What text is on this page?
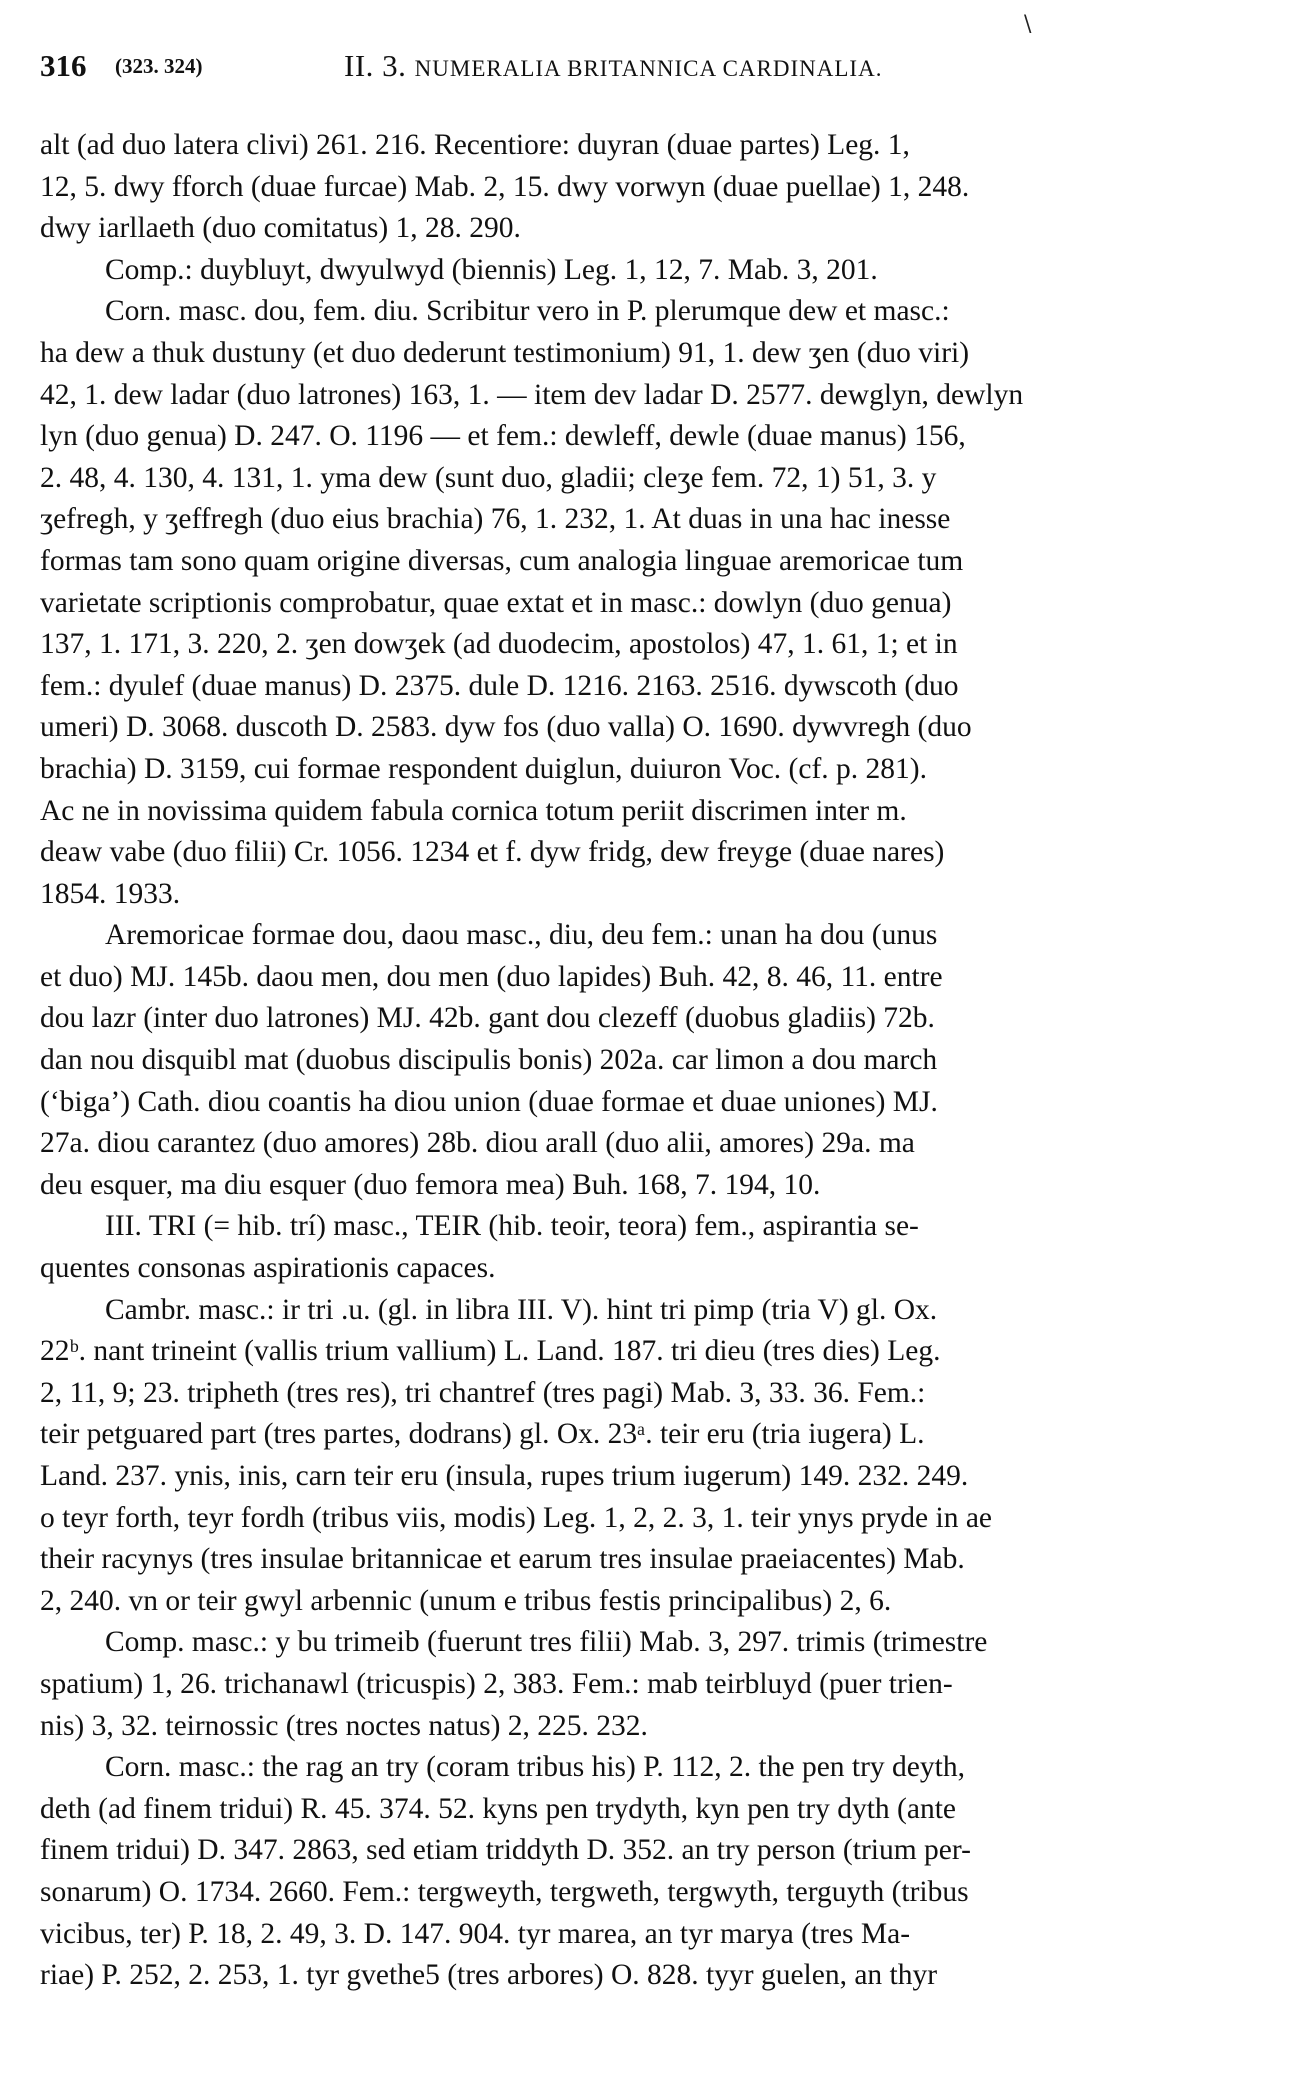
\
316 (323. 324)	II. 3. NUMERALIA BRITANNICA CARDINALIA.
alt (ad duo latera clivi) 261. 216. Recentiore: duyran (duae partes) Leg. 1,
12, 5. dwy fforch (duae furcae) Mab. 2, 15. dwy vorwyn (duae puellae) 1, 248.
dwy iarllaeth (duo comitatus) 1, 28. 290.
Comp.: duybluyt, dwyulwyd (biennis) Leg. 1, 12, 7. Mab. 3, 201.
Corn. masc. dou, fem. diu. Scribitur vero in P. plerumque dew et masc.:
ha dew a thuk dustuny (et duo dederunt testimonium) 91, 1. dew ʒen (duo viri)
42, 1. dew ladar (duo latrones) 163, 1. — item dev ladar D. 2577. dewglyn, dewlyn
lyn (duo genua) D. 247. O. 1196 — et fem.: dewleff, dewle (duae manus) 156,
2. 48, 4. 130, 4. 131, 1. yma dew (sunt duo, gladii; cleʒe fem. 72, 1) 51, 3. y
ʒefregh, y ʒeffregh (duo eius brachia) 76, 1. 232, 1. At duas in una hac inesse
formas tam sono quam origine diversas, cum analogia linguae aremoricae tum
varietate scriptionis comprobatur, quae extat et in masc.: dowlyn (duo genua)
137, 1. 171, 3. 220, 2. ʒen dowʒek (ad duodecim, apostolos) 47, 1. 61, 1; et in
fem.: dyulef (duae manus) D. 2375. dule D. 1216. 2163. 2516. dywscoth (duo
umeri) D. 3068. duscoth D. 2583. dyw fos (duo valla) O. 1690. dywvregh (duo
brachia) D. 3159, cui formae respondent duiglun, duiuron Voc. (cf. p. 281).
Ac ne in novissima quidem fabula cornica totum periit discrimen inter m.
deaw vabe (duo filii) Cr. 1056. 1234 et f. dyw fridg, dew freyge (duae nares)
1854. 1933.
Aremoricae formae dou, daou masc., diu, deu fem.: unan ha dou (unus
et duo) MJ. 145b. daou men, dou men (duo lapides) Buh. 42, 8. 46, 11. entre
dou lazr (inter duo latrones) MJ. 42b. gant dou clezeff (duobus gladiis) 72b.
dan nou disquibl mat (duobus discipulis bonis) 202a. car limon a dou march
(‘biga’) Cath. diou coantis ha diou union (duae formae et duae uniones) MJ.
27a. diou carantez (duo amores) 28b. diou arall (duo alii, amores) 29a. ma
deu esquer, ma diu esquer (duo femora mea) Buh. 168, 7. 194, 10.
III. TRI (= hib. trí) masc., TEIR (hib. teoir, teora) fem., aspirantia se-
quentes consonas aspirationis capaces.
Cambr. masc.: ir tri .u. (gl. in libra III. V). hint tri pimp (tria V) gl. Ox.
22ᵇ. nant trineint (vallis trium vallium) L. Land. 187. tri dieu (tres dies) Leg.
2, 11, 9; 23. tripheth (tres res), tri chantref (tres pagi) Mab. 3, 33. 36. Fem.:
teir petguared part (tres partes, dodrans) gl. Ox. 23ᵃ. teir eru (tria iugera) L.
Land. 237. ynis, inis, carn teir eru (insula, rupes trium iugerum) 149. 232. 249.
o teyr forth, teyr fordh (tribus viis, modis) Leg. 1, 2, 2. 3, 1. teir ynys pryde in ae
their racynys (tres insulae britannicae et earum tres insulae praeiacentes) Mab.
2, 240. vn or teir gwyl arbennic (unum e tribus festis principalibus) 2, 6.
Comp. masc.: y bu trimeib (fuerunt tres filii) Mab. 3, 297. trimis (trimestre
spatium) 1, 26. trichanawl (tricuspis) 2, 383. Fem.: mab teirbluyd (puer trien-
nis) 3, 32. teirnossic (tres noctes natus) 2, 225. 232.
Corn. masc.: the rag an try (coram tribus his) P. 112, 2. the pen try deyth,
deth (ad finem tridui) R. 45. 374. 52. kyns pen trydyth, kyn pen try dyth (ante
finem tridui) D. 347. 2863, sed etiam triddyth D. 352. an try person (trium per-
sonarum) O. 1734. 2660. Fem.: tergweyth, tergweth, tergwyth, terguyth (tribus
vicibus, ter) P. 18, 2. 49, 3. D. 147. 904. tyr marea, an tyr marya (tres Ma-
riae) P. 252, 2. 253, 1. tyr gvethe5 (tres arbores) O. 828. tyyr guelen, an thyr
